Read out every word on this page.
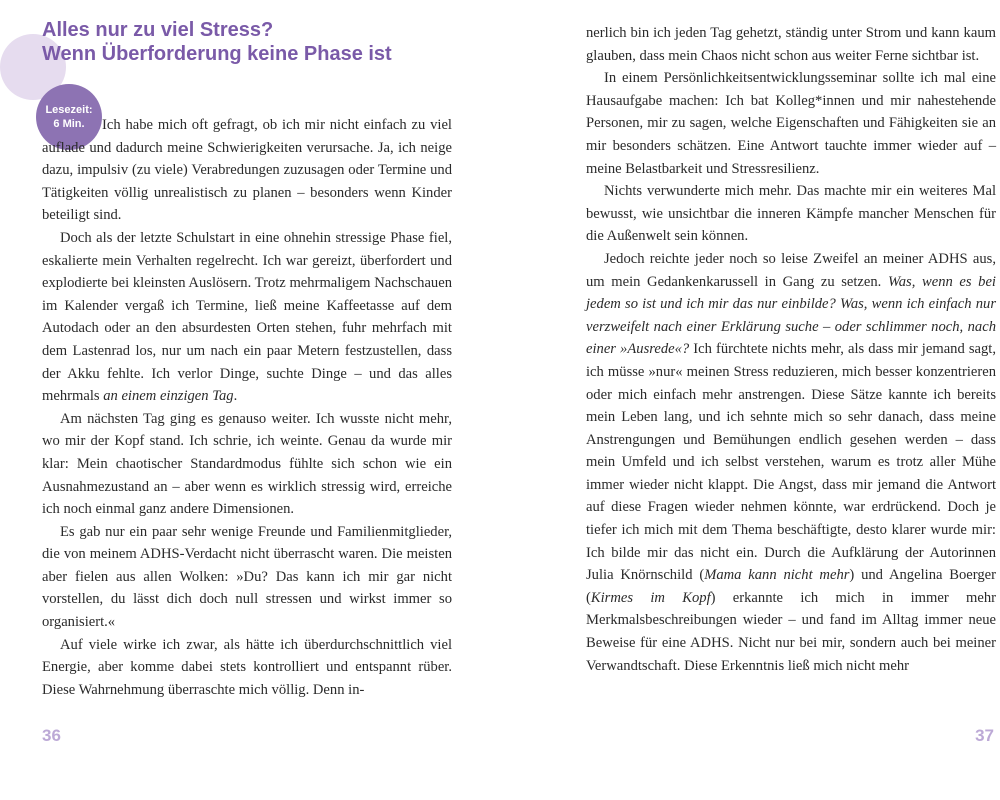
Alles nur zu viel Stress?
Wenn Überforderung keine Phase ist
Lesezeit:
6 Min.	Ich habe mich oft gefragt, ob ich mir nicht einfach zu viel auflade und dadurch meine Schwierigkeiten verursache. Ja, ich neige dazu, impulsiv (zu viele) Verabredungen zuzusagen oder Termine und Tätigkeiten völlig unrealistisch zu planen – besonders wenn Kinder beteiligt sind.

Doch als der letzte Schulstart in eine ohnehin stressige Phase fiel, eskalierte mein Verhalten regelrecht. Ich war gereizt, überfordert und explodierte bei kleinsten Auslösern. Trotz mehrmaligem Nachschauen im Kalender vergaß ich Termine, ließ meine Kaffeetasse auf dem Autodach oder an den absurdesten Orten stehen, fuhr mehrfach mit dem Lastenrad los, nur um nach ein paar Metern festzustellen, dass der Akku fehlte. Ich verlor Dinge, suchte Dinge – und das alles mehrmals an einem einzigen Tag.

Am nächsten Tag ging es genauso weiter. Ich wusste nicht mehr, wo mir der Kopf stand. Ich schrie, ich weinte. Genau da wurde mir klar: Mein chaotischer Standardmodus fühlte sich schon wie ein Ausnahmezustand an – aber wenn es wirklich stressig wird, erreiche ich noch einmal ganz andere Dimensionen.

Es gab nur ein paar sehr wenige Freunde und Familienmitglieder, die von meinem ADHS-Verdacht nicht überrascht waren. Die meisten aber fielen aus allen Wolken: »Du? Das kann ich mir gar nicht vorstellen, du lässt dich doch null stressen und wirkst immer so organisiert.«

Auf viele wirke ich zwar, als hätte ich überdurchschnittlich viel Energie, aber komme dabei stets kontrolliert und entspannt rüber. Diese Wahrnehmung überraschte mich völlig. Denn in-

36

nerlich bin ich jeden Tag gehetzt, ständig unter Strom und kann kaum glauben, dass mein Chaos nicht schon aus weiter Ferne sichtbar ist.

In einem Persönlichkeitsentwicklungsseminar sollte ich mal eine Hausaufgabe machen: Ich bat Kolleg*innen und mir nahestehende Personen, mir zu sagen, welche Eigenschaften und Fähigkeiten sie an mir besonders schätzen. Eine Antwort tauchte immer wieder auf – meine Belastbarkeit und Stressresilienz.

Nichts verwunderte mich mehr. Das machte mir ein weiteres Mal bewusst, wie unsichtbar die inneren Kämpfe mancher Menschen für die Außenwelt sein können.

Jedoch reichte jeder noch so leise Zweifel an meiner ADHS aus, um mein Gedankenkarussell in Gang zu setzen. Was, wenn es bei jedem so ist und ich mir das nur einbilde? Was, wenn ich einfach nur verzweifelt nach einer Erklärung suche – oder schlimmer noch, nach einer »Ausrede«? Ich fürchtete nichts mehr, als dass mir jemand sagt, ich müsse »nur« meinen Stress reduzieren, mich besser konzentrieren oder mich einfach mehr anstrengen. Diese Sätze kannte ich bereits mein Leben lang, und ich sehnte mich so sehr danach, dass meine Anstrengungen und Bemühungen endlich gesehen werden – dass mein Umfeld und ich selbst verstehen, warum es trotz aller Mühe immer wieder nicht klappt. Die Angst, dass mir jemand die Antwort auf diese Fragen wieder nehmen könnte, war erdrückend. Doch je tiefer ich mich mit dem Thema beschäftigte, desto klarer wurde mir: Ich bilde mir das nicht ein. Durch die Aufklärung der Autorinnen Julia Knörnschild (Mama kann nicht mehr) und Angelina Boerger (Kirmes im Kopf) erkannte ich mich in immer mehr Merkmalsbeschreibungen wieder – und fand im Alltag immer neue Beweise für eine ADHS. Nicht nur bei mir, sondern auch bei meiner Verwandtschaft. Diese Erkenntnis ließ mich nicht mehr

37
